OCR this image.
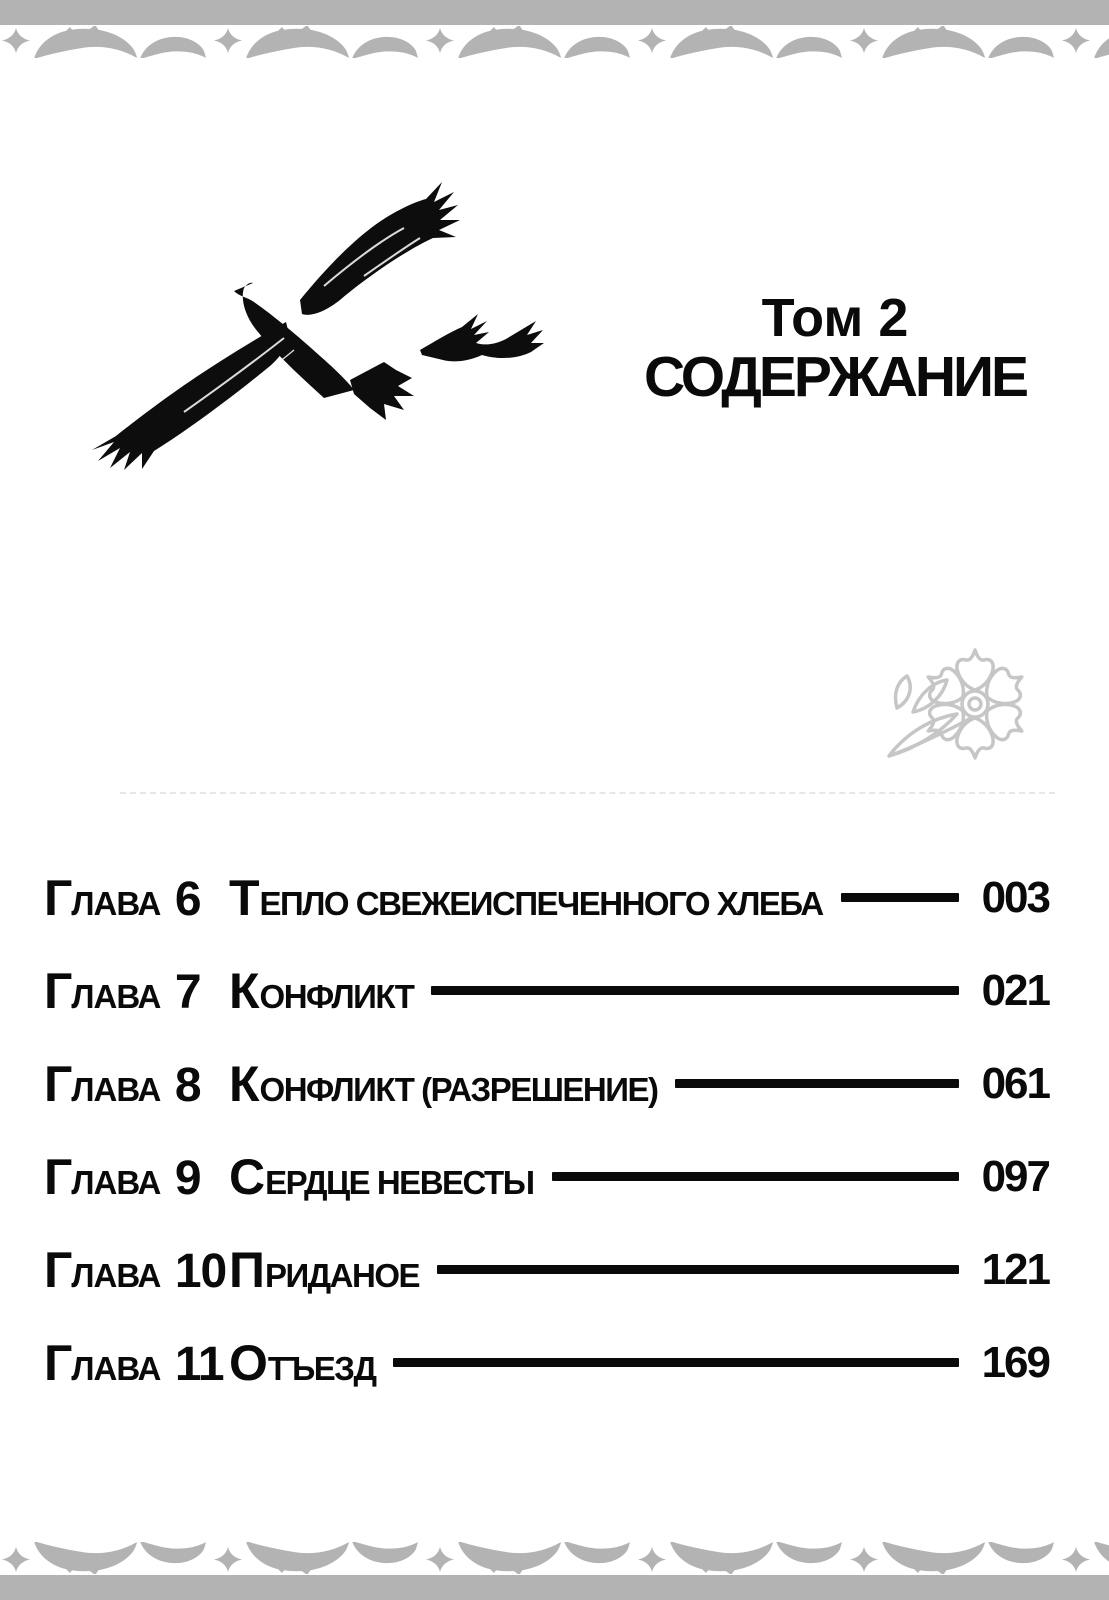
Том 2
СОДЕРЖАНИЕ
ГЛАВА 6 ТЕПЛО СВЕЖЕИСПЕЧЕННОГО ХЛЕБА	003
ГЛАВА 7 КОНФЛИКТ	021
ГЛАВА 8 КОНФЛИКТ (РАЗРЕШЕНИЕ)	061
ГЛАВА 9 СЕРДЦЕ НЕВЕСТЫ	097
ГЛАВА 10 ПРИДАНОЕ	121
ГЛАВА 11 ОТЪЕЗД	169
